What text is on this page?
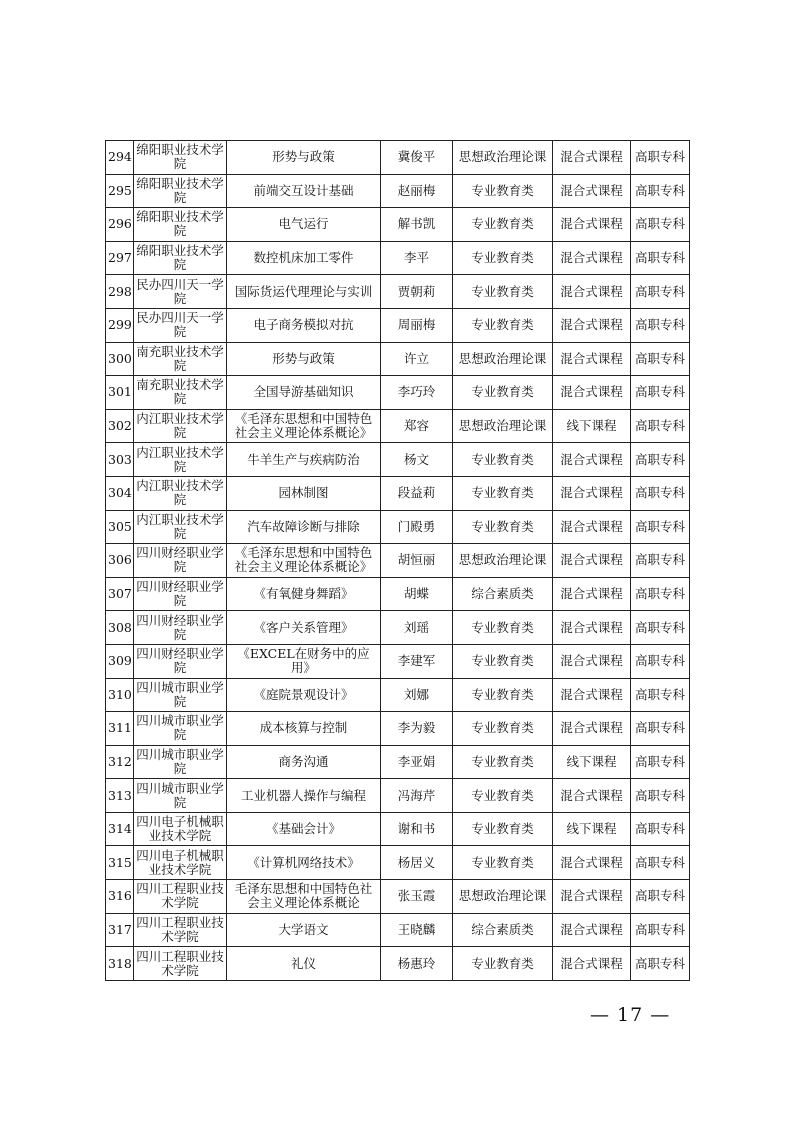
294	绵阳职业技术学院	形势与政策	冀俊平	思想政治理论课	混合式课程	高职专科
295	绵阳职业技术学院	前端交互设计基础	赵丽梅	专业教育类	混合式课程	高职专科
296	绵阳职业技术学院	电气运行	解书凯	专业教育类	混合式课程	高职专科
297	绵阳职业技术学院	数控机床加工零件	李平	专业教育类	混合式课程	高职专科
298	民办四川天一学院	国际货运代理理论与实训	贾朝莉	专业教育类	混合式课程	高职专科
299	民办四川天一学院	电子商务模拟对抗	周丽梅	专业教育类	混合式课程	高职专科
300	南充职业技术学院	形势与政策	许立	思想政治理论课	混合式课程	高职专科
301	南充职业技术学院	全国导游基础知识	李巧玲	专业教育类	混合式课程	高职专科
302	内江职业技术学院	《毛泽东思想和中国特色社会主义理论体系概论》	郑容	思想政治理论课	线下课程	高职专科
303	内江职业技术学院	牛羊生产与疾病防治	杨文	专业教育类	混合式课程	高职专科
304	内江职业技术学院	园林制图	段益莉	专业教育类	混合式课程	高职专科
305	内江职业技术学院	汽车故障诊断与排除	门殿勇	专业教育类	混合式课程	高职专科
306	四川财经职业学院	《毛泽东思想和中国特色社会主义理论体系概论》	胡恒丽	思想政治理论课	混合式课程	高职专科
307	四川财经职业学院	《有氧健身舞蹈》	胡蝶	综合素质类	混合式课程	高职专科
308	四川财经职业学院	《客户关系管理》	刘瑶	专业教育类	混合式课程	高职专科
309	四川财经职业学院	《EXCEL在财务中的应用》	李建军	专业教育类	混合式课程	高职专科
310	四川城市职业学院	《庭院景观设计》	刘娜	专业教育类	混合式课程	高职专科
311	四川城市职业学院	成本核算与控制	李为毅	专业教育类	混合式课程	高职专科
312	四川城市职业学院	商务沟通	李亚娟	专业教育类	线下课程	高职专科
313	四川城市职业学院	工业机器人操作与编程	冯海芹	专业教育类	混合式课程	高职专科
314	四川电子机械职业技术学院	《基础会计》	谢和书	专业教育类	线下课程	高职专科
315	四川电子机械职业技术学院	《计算机网络技术》	杨居义	专业教育类	混合式课程	高职专科
316	四川工程职业技术学院	毛泽东思想和中国特色社会主义理论体系概论	张玉霞	思想政治理论课	混合式课程	高职专科
317	四川工程职业技术学院	大学语文	王晓麟	综合素质类	混合式课程	高职专科
318	四川工程职业技术学院	礼仪	杨惠玲	专业教育类	混合式课程	高职专科
— 17 —
